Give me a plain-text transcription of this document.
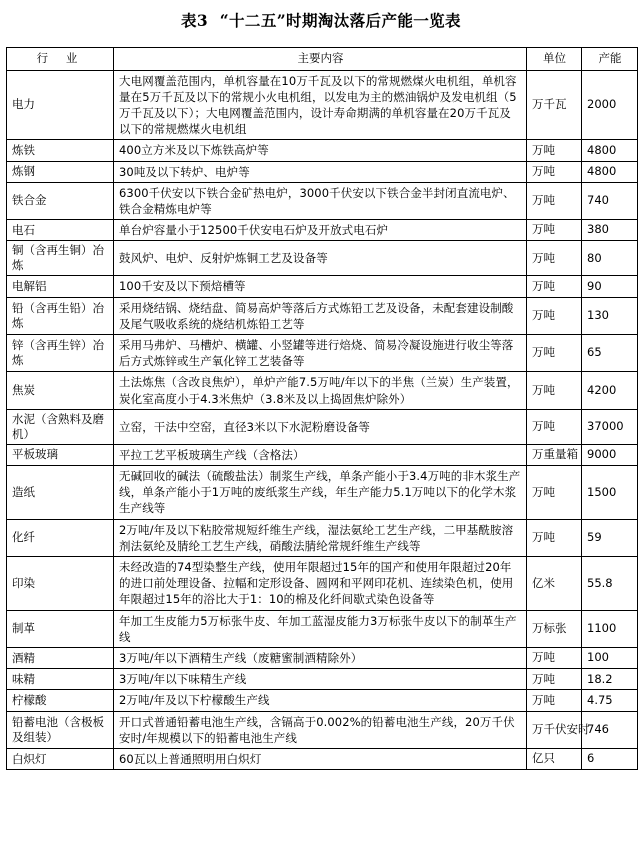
表3  “十二五”时期淘汰落后产能一览表
行 业	主要内容	单位	产能
电力	大电网覆盖范围内，单机容量在10万千瓦及以下的常规燃煤火电机组，单机容量在5万千瓦及以下的常规小火电机组，以发电为主的燃油锅炉及发电机组（5万千瓦及以下）；大电网覆盖范围内，设计寿命期满的单机容量在20万千瓦及以下的常规燃煤火电机组	万千瓦	2000
炼铁	400立方米及以下炼铁高炉等	万吨	4800
炼钢	30吨及以下转炉、电炉等	万吨	4800
铁合金	6300千伏安以下铁合金矿热电炉，3000千伏安以下铁合金半封闭直流电炉、铁合金精炼电炉等	万吨	740
电石	单台炉容量小于12500千伏安电石炉及开放式电石炉	万吨	380
铜（含再生铜）冶炼	鼓风炉、电炉、反射炉炼铜工艺及设备等	万吨	80
电解铝	100千安及以下预焙槽等	万吨	90
铅（含再生铅）冶炼	采用烧结锅、烧结盘、简易高炉等落后方式炼铅工艺及设备，未配套建设制酸及尾气吸收系统的烧结机炼铅工艺等	万吨	130
锌（含再生锌）冶炼	采用马弗炉、马槽炉、横罐、小竖罐等进行焙烧、简易冷凝设施进行收尘等落后方式炼锌或生产氧化锌工艺装备等	万吨	65
焦炭	土法炼焦（含改良焦炉），单炉产能7.5万吨/年以下的半焦（兰炭）生产装置，炭化室高度小于4.3米焦炉（3.8米及以上捣固焦炉除外）	万吨	4200
水泥（含熟料及磨机）	立窑，干法中空窑，直径3米以下水泥粉磨设备等	万吨	37000
平板玻璃	平拉工艺平板玻璃生产线（含格法）	万重量箱	9000
造纸	无碱回收的碱法（硫酸盐法）制浆生产线，单条产能小于3.4万吨的非木浆生产线，单条产能小于1万吨的废纸浆生产线，年生产能力5.1万吨以下的化学木浆生产线等	万吨	1500
化纤	2万吨/年及以下粘胶常规短纤维生产线，湿法氨纶工艺生产线，二甲基酰胺溶剂法氨纶及腈纶工艺生产线，硝酸法腈纶常规纤维生产线等	万吨	59
印染	未经改造的74型染整生产线，使用年限超过15年的国产和使用年限超过20年的进口前处理设备、拉幅和定形设备、圆网和平网印花机、连续染色机，使用年限超过15年的浴比大于1：10的棉及化纤间歇式染色设备等	亿米	55.8
制革	年加工生皮能力5万标张牛皮、年加工蓝湿皮能力3万标张牛皮以下的制革生产线	万标张	1100
酒精	3万吨/年以下酒精生产线（废糖蜜制酒精除外）	万吨	100
味精	3万吨/年以下味精生产线	万吨	18.2
柠檬酸	2万吨/年及以下柠檬酸生产线	万吨	4.75
铅蓄电池（含极板及组装）	开口式普通铅蓄电池生产线，含镉高于0.002%的铅蓄电池生产线，20万千伏安时/年规模以下的铅蓄电池生产线	万千伏安时	746
白炽灯	60瓦以上普通照明用白炽灯	亿只	6
